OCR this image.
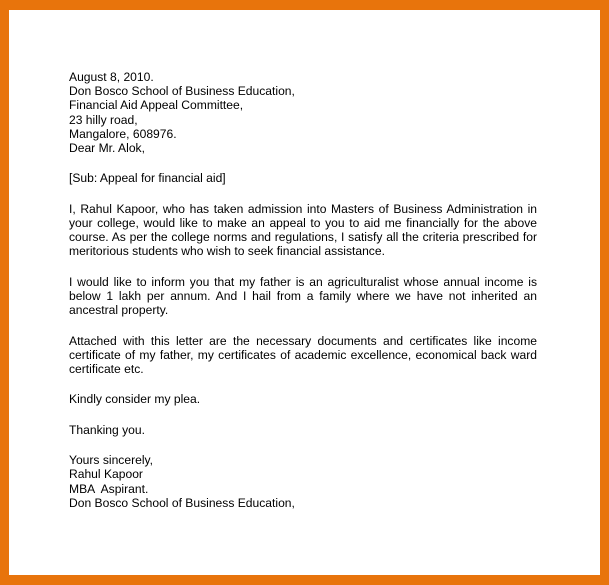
August 8, 2010.
Don Bosco School of Business Education,
Financial Aid Appeal Committee,
23 hilly road,
Mangalore, 608976.
Dear Mr. Alok,
[Sub: Appeal for financial aid]
I, Rahul Kapoor, who has taken admission into Masters of Business Administration in your college, would like to make an appeal to you to aid me financially for the above course. As per the college norms and regulations, I satisfy all the criteria prescribed for meritorious students who wish to seek financial assistance.
I would like to inform you that my father is an agriculturalist whose annual income is below 1 lakh per annum. And I hail from a family where we have not inherited an ancestral property.
Attached with this letter are the necessary documents and certificates like income certificate of my father, my certificates of academic excellence, economical back ward certificate etc.
Kindly consider my plea.
Thanking you.
Yours sincerely,
Rahul Kapoor
MBA  Aspirant.
Don Bosco School of Business Education,
